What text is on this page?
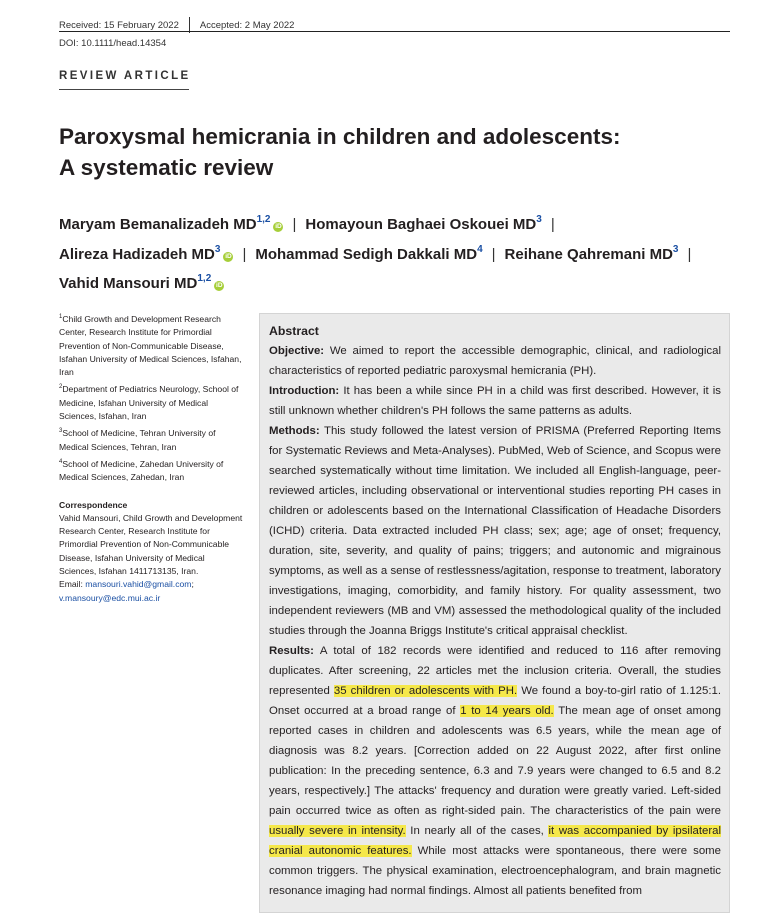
Received: 15 February 2022 Accepted: 2 May 2022
DOI: 10.1111/head.14354
REVIEW ARTICLE
Paroxysmal hemicrania in children and adolescents:
A systematic review
Maryam Bemanalizadeh MD$^{1,2}$iD | Homayoun Baghaei Oskouei MD$^3$ |
Alireza Hadizadeh MD$^3$iD | Mohammad Sedigh Dakkali MD$^4$ | Reihane Qahremani MD$^3$ |
Vahid Mansouri MD$^{1,2}$iD

$^1$Child Growth and Development Research Center, Research Institute for Primordial Prevention of Non-Communicable Disease, Isfahan University of Medical Sciences, Isfahan, Iran

$^2$Department of Pediatrics Neurology, School of Medicine, Isfahan University of Medical Sciences, Isfahan, Iran

$^3$School of Medicine, Tehran University of Medical Sciences, Tehran, Iran

$^4$School of Medicine, Zahedan University of Medical Sciences, Zahedan, Iran

Correspondence
Vahid Mansouri, Child Growth and Development Research Center, Research Institute for Primordial Prevention of Non-Communicable Disease, Isfahan University of Medical Sciences, Isfahan 1411713135, Iran.
Email: mansouri.vahid@gmail.com;
v.mansoury@edc.mui.ac.ir
Abstract

Objective: We aimed to report the accessible demographic, clinical, and radiological characteristics of reported pediatric paroxysmal hemicrania (PH).

Introduction: It has been a while since PH in a child was first described. However, it is still unknown whether children's PH follows the same patterns as adults.

Methods: This study followed the latest version of PRISMA (Preferred Reporting Items for Systematic Reviews and Meta-Analyses). PubMed, Web of Science, and Scopus were searched systematically without time limitation. We included all English-language, peer-reviewed articles, including observational or interventional studies reporting PH cases in children or adolescents based on the International Classification of Headache Disorders (ICHD) criteria. Data extracted included PH class; sex; age; age of onset; frequency, duration, site, severity, and quality of pains; triggers; and autonomic and migrainous symptoms, as well as a sense of restlessness/agitation, response to treatment, laboratory investigations, imaging, comorbidity, and family history. For quality assessment, two independent reviewers (MB and VM) assessed the methodological quality of the included studies through the Joanna Briggs Institute's critical appraisal checklist.

Results: A total of 182 records were identified and reduced to 116 after removing duplicates. After screening, 22 articles met the inclusion criteria. Overall, the studies represented 35 children or adolescents with PH. We found a boy-to-girl ratio of 1.125:1. Onset occurred at a broad range of 1 to 14 years old. The mean age of onset among reported cases in children and adolescents was 6.5 years, while the mean age of diagnosis was 8.2 years. [Correction added on 22 August 2022, after first online publication: In the preceding sentence, 6.3 and 7.9 years were changed to 6.5 and 8.2 years, respectively.] The attacks' frequency and duration were greatly varied. Left-sided pain occurred twice as often as right-sided pain. The characteristics of the pain were usually severe in intensity. In nearly all of the cases, it was accompanied by ipsilateral cranial autonomic features. While most attacks were spontaneous, there were some common triggers. The physical examination, electroencephalogram, and brain magnetic resonance imaging had normal findings. Almost all patients benefited from
